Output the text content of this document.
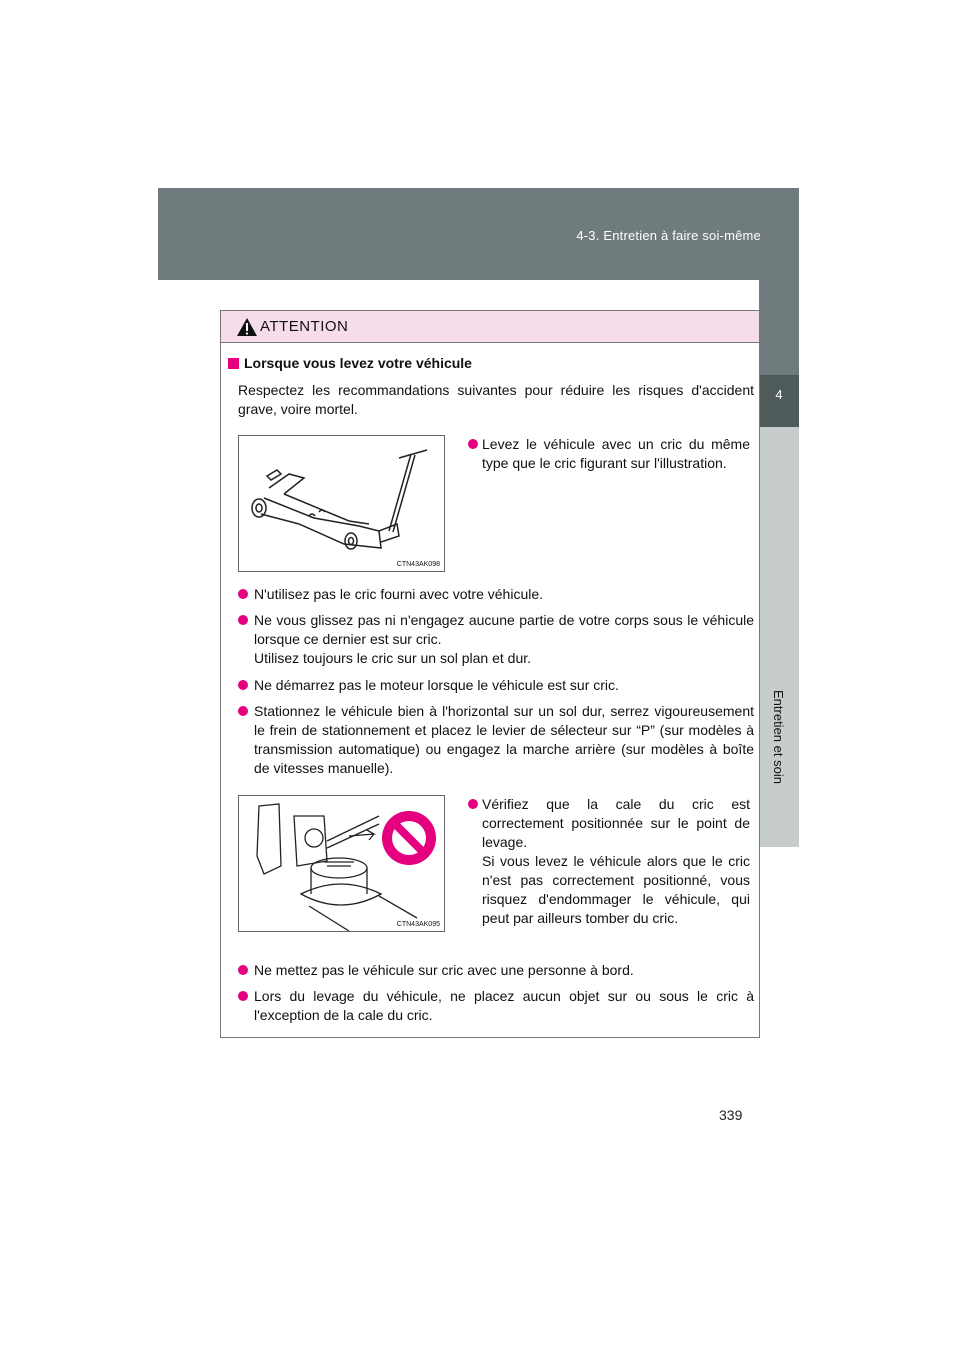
4-3. Entretien à faire soi-même
4
Entretien et soin
ATTENTION
Lorsque vous levez votre véhicule
Respectez les recommandations suivantes pour réduire les risques d'accident grave, voire mortel.
CTN43AK098
Levez le véhicule avec un cric du même type que le cric figurant sur l'illustration.
N'utilisez pas le cric fourni avec votre véhicule.
Ne vous glissez pas ni n'engagez aucune partie de votre corps sous le véhicule lorsque ce dernier est sur cric.
Utilisez toujours le cric sur un sol plan et dur.
Ne démarrez pas le moteur lorsque le véhicule est sur cric.
Stationnez le véhicule bien à l'horizontal sur un sol dur, serrez vigoureusement le frein de stationnement et placez le levier de sélecteur sur “P” (sur modèles à transmission automatique) ou engagez la marche arrière (sur modèles à boîte de vitesses manuelle).
CTN43AK095
Vérifiez que la cale du cric est correctement positionnée sur le point de levage.
Si vous levez le véhicule alors que le cric n'est pas correctement positionné, vous risquez d'endommager le véhicule, qui peut par ailleurs tomber du cric.
Ne mettez pas le véhicule sur cric avec une personne à bord.
Lors du levage du véhicule, ne placez aucun objet sur ou sous le cric à l'exception de la cale du cric.
339
